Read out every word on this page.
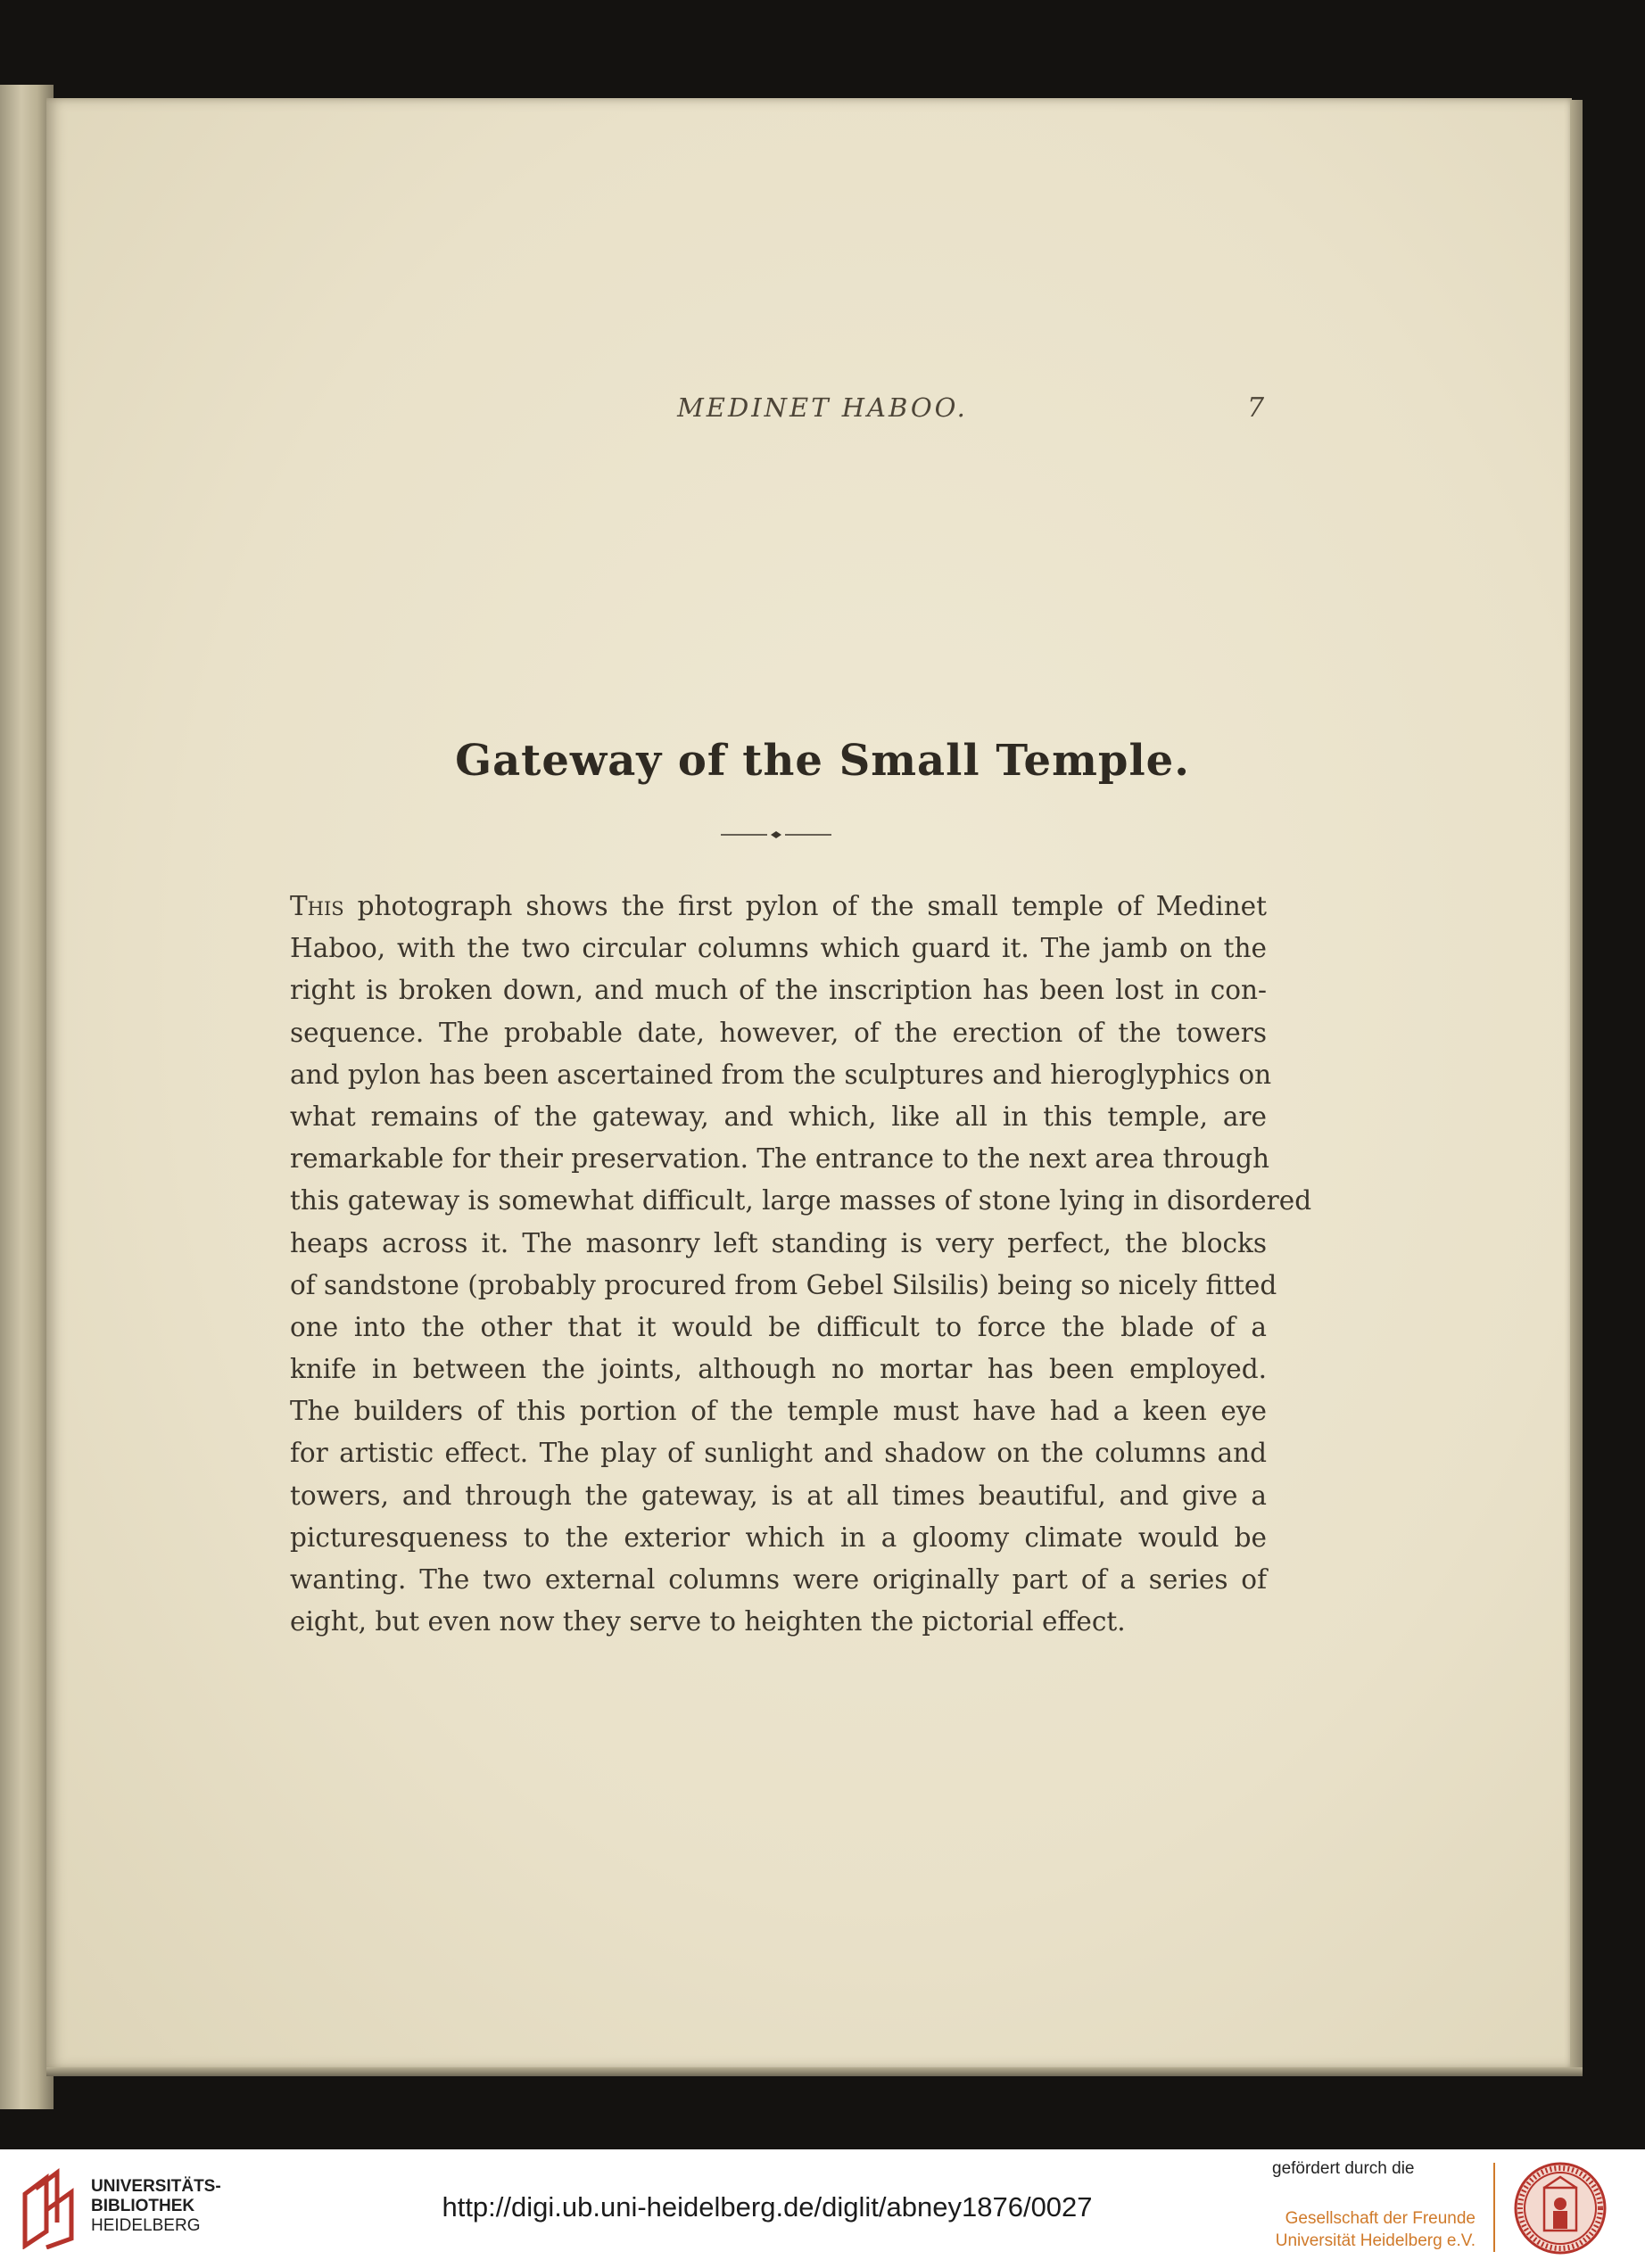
MEDINET HABOO.	7
Gateway of the Small Temple.
This photograph shows the first pylon of the small temple of Medinet
Haboo, with the two circular columns which guard it. The jamb on the
right is broken down, and much of the inscription has been lost in con-
sequence. The probable date, however, of the erection of the towers
and pylon has been ascertained from the sculptures and hieroglyphics on
what remains of the gateway, and which, like all in this temple, are
remarkable for their preservation. The entrance to the next area through
this gateway is somewhat difficult, large masses of stone lying in disordered
heaps across it. The masonry left standing is very perfect, the blocks
of sandstone (probably procured from Gebel Silsilis) being so nicely fitted
one into the other that it would be difficult to force the blade of a
knife in between the joints, although no mortar has been employed.
The builders of this portion of the temple must have had a keen eye
for artistic effect. The play of sunlight and shadow on the columns and
towers, and through the gateway, is at all times beautiful, and give a
picturesqueness to the exterior which in a gloomy climate would be
wanting. The two external columns were originally part of a series of
eight, but even now they serve to heighten the pictorial effect.
UNIVERSITÄTS-
BIBLIOTHEK
HEIDELBERG
http://digi.ub.uni-heidelberg.de/diglit/abney1876/0027
gefördert durch die
Gesellschaft der Freunde
Universität Heidelberg e.V.
